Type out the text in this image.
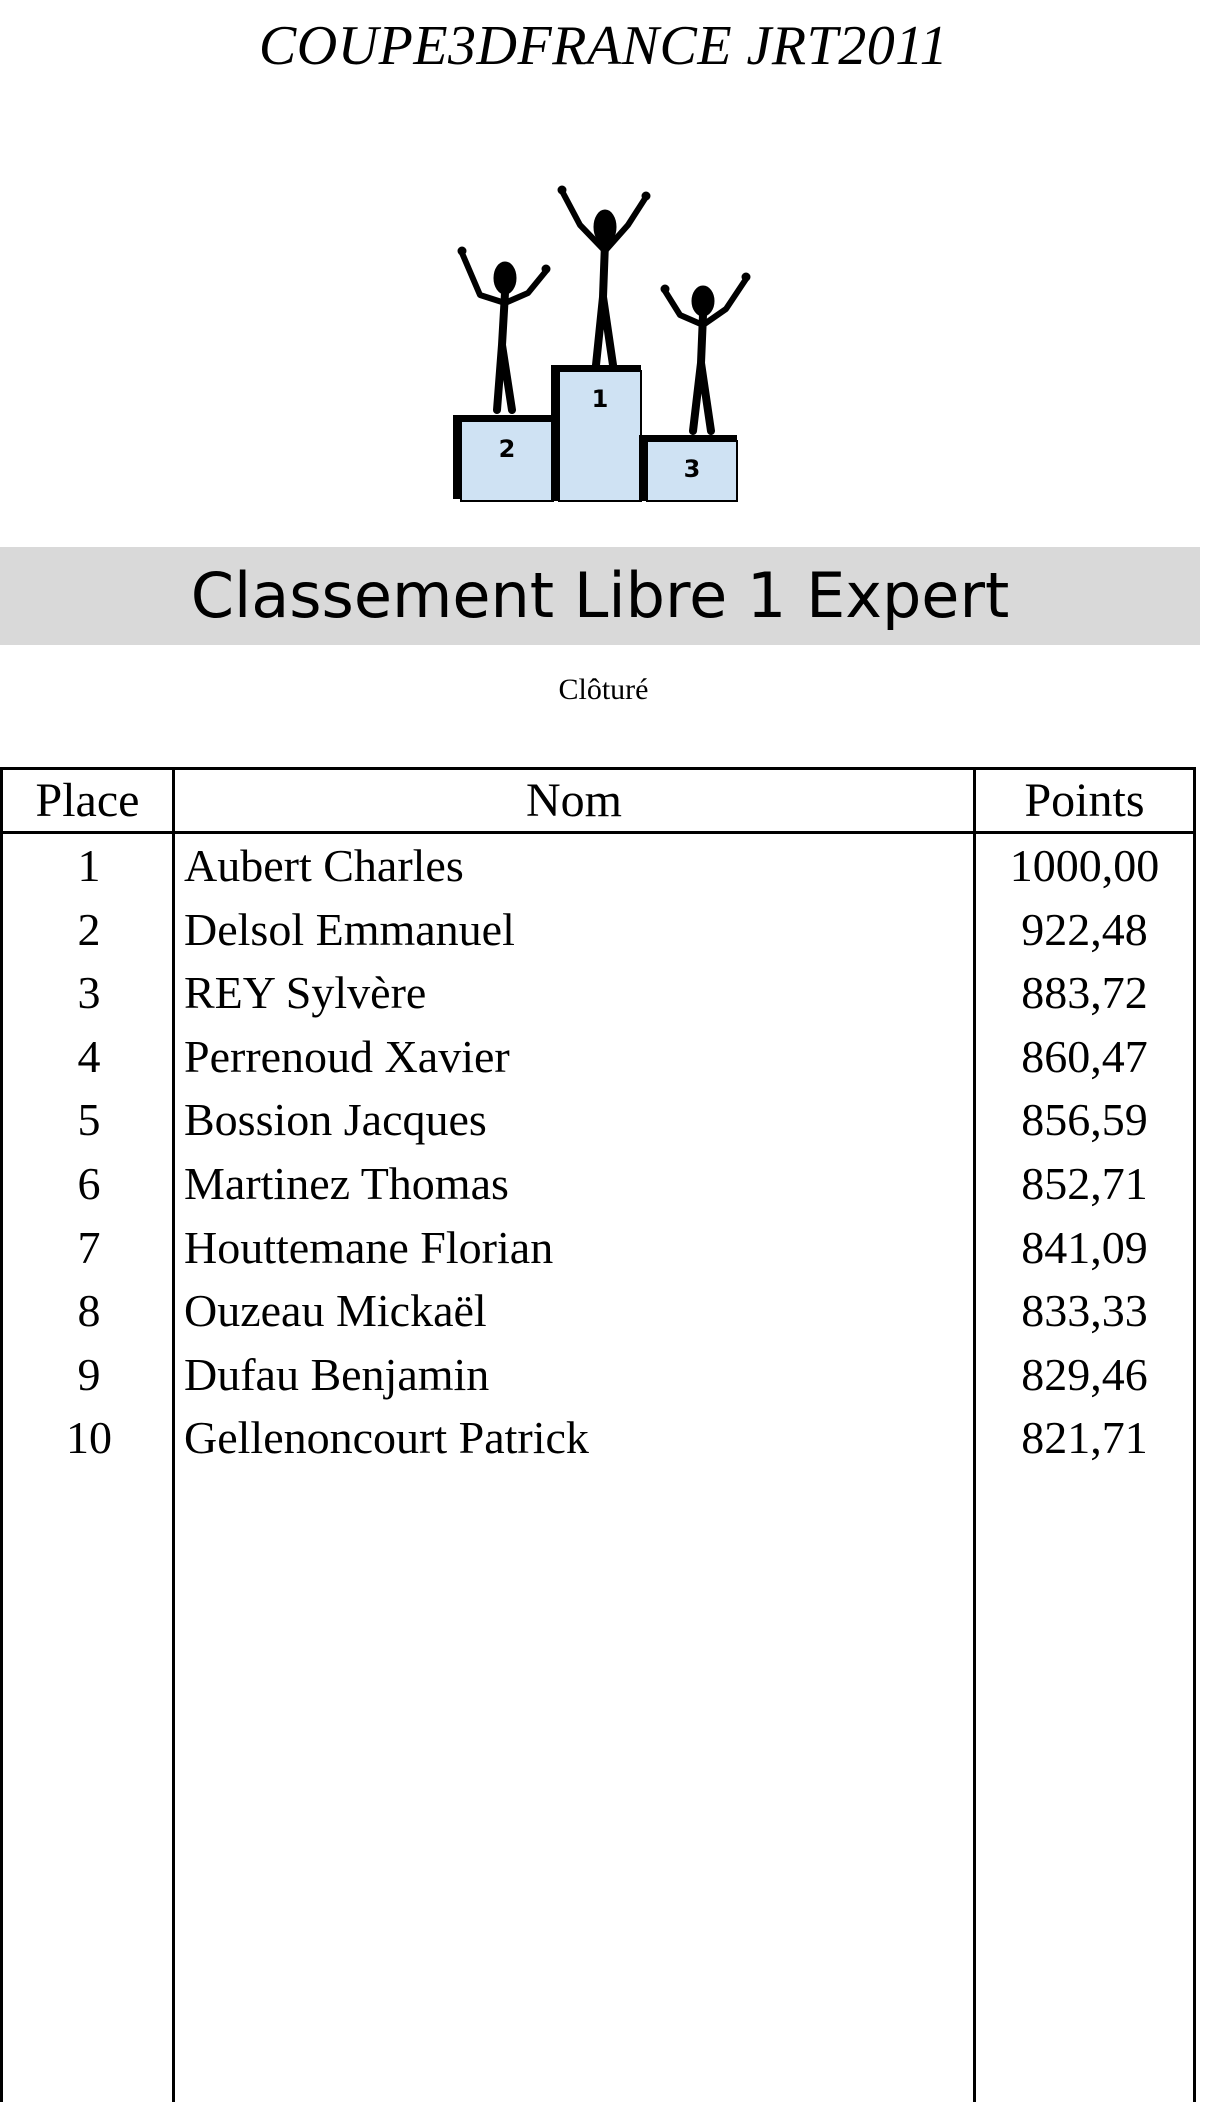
COUPE3DFRANCE JRT2011
2
1
3
Classement Libre 1 Expert
Clôturé
Place	Nom	Points
1	Aubert Charles	1000,00
2	Delsol Emmanuel	922,48
3	REY Sylvère	883,72
4	Perrenoud Xavier	860,47
5	Bossion Jacques	856,59
6	Martinez Thomas	852,71
7	Houttemane Florian	841,09
8	Ouzeau Mickaël	833,33
9	Dufau Benjamin	829,46
10	Gellenoncourt Patrick	821,71
